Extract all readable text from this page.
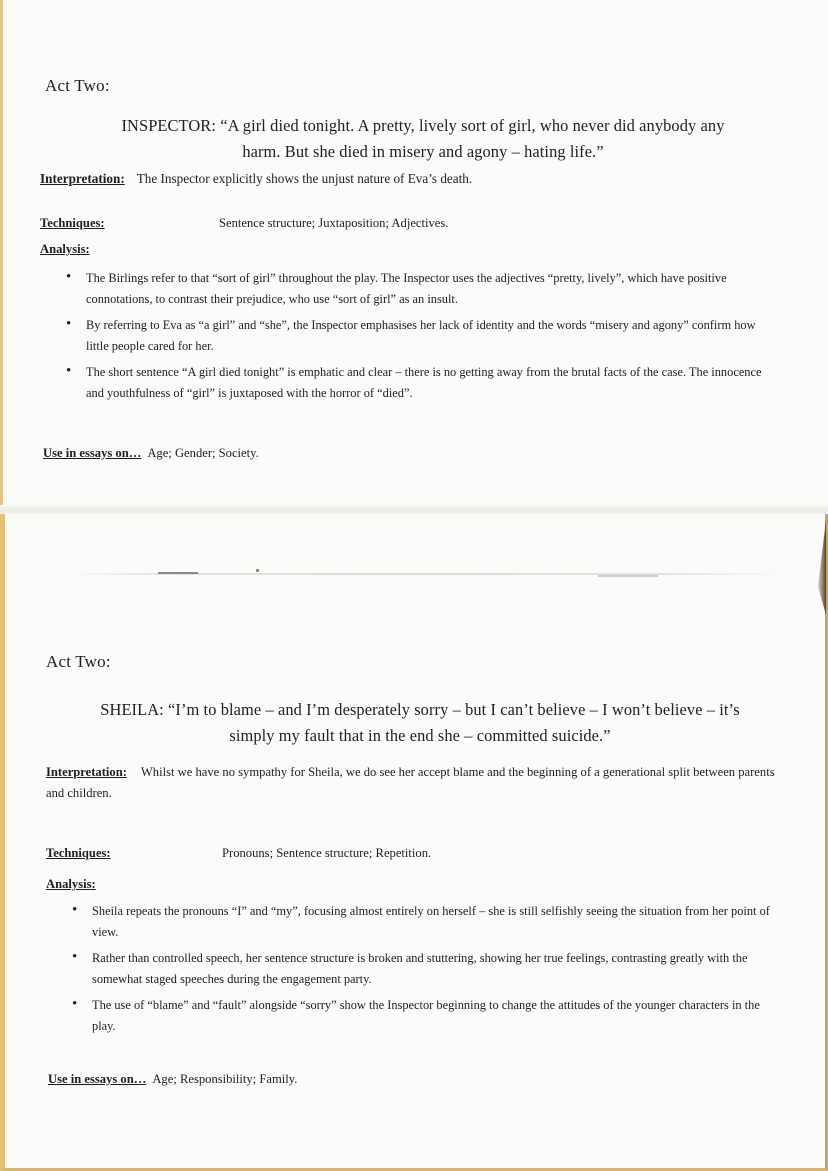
Act Two:
INSPECTOR: “A girl died tonight. A pretty, lively sort of girl, who never did anybody any
harm. But she died in misery and agony – hating life.”
Interpretation: The Inspector explicitly shows the unjust nature of Eva’s death.
Techniques:	Sentence structure; Juxtaposition; Adjectives.
Analysis:
• The Birlings refer to that “sort of girl” throughout the play. The Inspector uses the adjectives “pretty, lively”, which have positive connotations, to contrast their prejudice, who use “sort of girl” as an insult.
• By referring to Eva as “a girl” and “she”, the Inspector emphasises her lack of identity and the words “misery and agony” confirm how little people cared for her.
• The short sentence “A girl died tonight” is emphatic and clear – there is no getting away from the brutal facts of the case. The innocence and youthfulness of “girl” is juxtaposed with the horror of “died”.
Use in essays on… Age; Gender; Society.
Act Two:
SHEILA: “I’m to blame – and I’m desperately sorry – but I can’t believe – I won’t believe – it’s
simply my fault that in the end she – committed suicide.”
Interpretation: Whilst we have no sympathy for Sheila, we do see her accept blame and the beginning of a generational split between parents and children.
Techniques:	Pronouns; Sentence structure; Repetition.
Analysis:
• Sheila repeats the pronouns “I” and “my”, focusing almost entirely on herself – she is still selfishly seeing the situation from her point of view.
• Rather than controlled speech, her sentence structure is broken and stuttering, showing her true feelings, contrasting greatly with the somewhat staged speeches during the engagement party.
• The use of “blame” and “fault” alongside “sorry” show the Inspector beginning to change the attitudes of the younger characters in the play.
Use in essays on… Age; Responsibility; Family.
